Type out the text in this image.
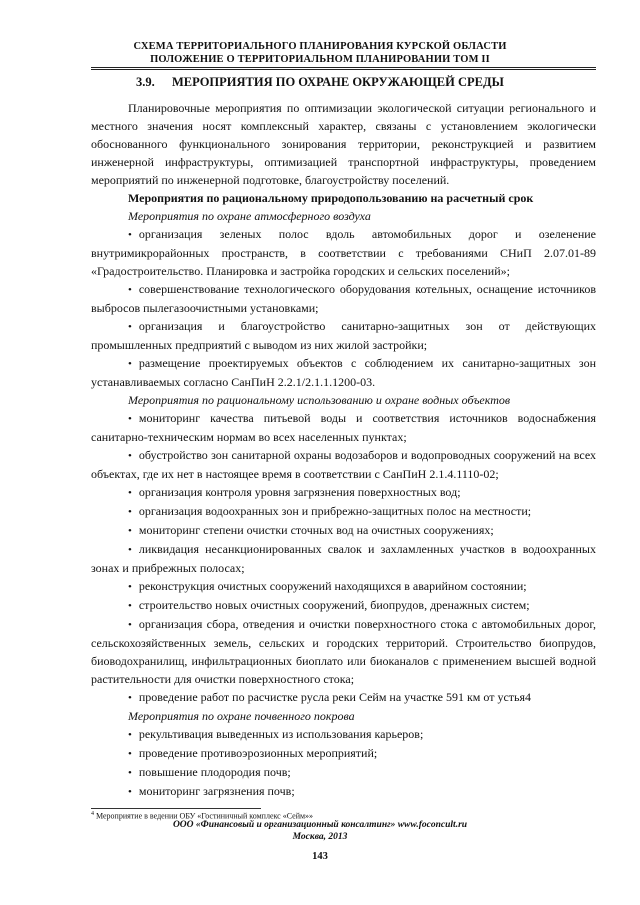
СХЕМА ТЕРРИТОРИАЛЬНОГО ПЛАНИРОВАНИЯ КУРСКОЙ ОБЛАСТИ
ПОЛОЖЕНИЕ О ТЕРРИТОРИАЛЬНОМ ПЛАНИРОВАНИИ ТОМ II
3.9. МЕРОПРИЯТИЯ ПО ОХРАНЕ ОКРУЖАЮЩЕЙ СРЕДЫ
Планировочные мероприятия по оптимизации экологической ситуации регионального и местного значения носят комплексный характер, связаны с установлением экологически обоснованного функционального зонирования территории, реконструкцией и развитием инженерной инфраструктуры, оптимизацией транспортной инфраструктуры, проведением мероприятий по инженерной подготовке, благоустройству поселений.
Мероприятия по рациональному природопользованию на расчетный срок
Мероприятия по охране атмосферного воздуха
• организация зеленых полос вдоль автомобильных дорог и озеленение внутримикрорайонных пространств, в соответствии с требованиями СНиП 2.07.01-89 «Градостроительство. Планировка и застройка городских и сельских поселений»;
• совершенствование технологического оборудования котельных, оснащение источников выбросов пылегазоочистными установками;
• организация и благоустройство санитарно-защитных зон от действующих промышленных предприятий с выводом из них жилой застройки;
• размещение проектируемых объектов с соблюдением их санитарно-защитных зон устанавливаемых согласно СанПиН 2.2.1/2.1.1.1200-03.
Мероприятия по рациональному использованию и охране водных объектов
• мониторинг качества питьевой воды и соответствия источников водоснабжения санитарно-техническим нормам во всех населенных пунктах;
• обустройство зон санитарной охраны водозаборов и водопроводных сооружений на всех объектах, где их нет в настоящее время в соответствии с СанПиН 2.1.4.1110-02;
• организация контроля уровня загрязнения поверхностных вод;
• организация водоохранных зон и прибрежно-защитных полос на местности;
• мониторинг степени очистки сточных вод на очистных сооружениях;
• ликвидация несанкционированных свалок и захламленных участков в водоохранных зонах и прибрежных полосах;
• реконструкция очистных сооружений находящихся в аварийном состоянии;
• строительство новых очистных сооружений, биопрудов, дренажных систем;
• организация сбора, отведения и очистки поверхностного стока с автомобильных дорог, сельскохозяйственных земель, сельских и городских территорий. Строительство биопрудов, биоводохранилищ, инфильтрационных биоплато или биоканалов с применением высшей водной растительности для очистки поверхностного стока;
• проведение работ по расчистке русла реки Сейм на участке 591 км от устья4
Мероприятия по охране почвенного покрова
• рекультивация выведенных из использования карьеров;
• проведение противоэрозионных мероприятий;
• повышение плодородия почв;
• мониторинг загрязнения почв;
$^4$ Мероприятие в ведении ОБУ «Гостиничный комплекс «Сейм»»
ООО «Финансовый и организационный консалтинг» www.foconcult.ru
Москва, 2013
143
